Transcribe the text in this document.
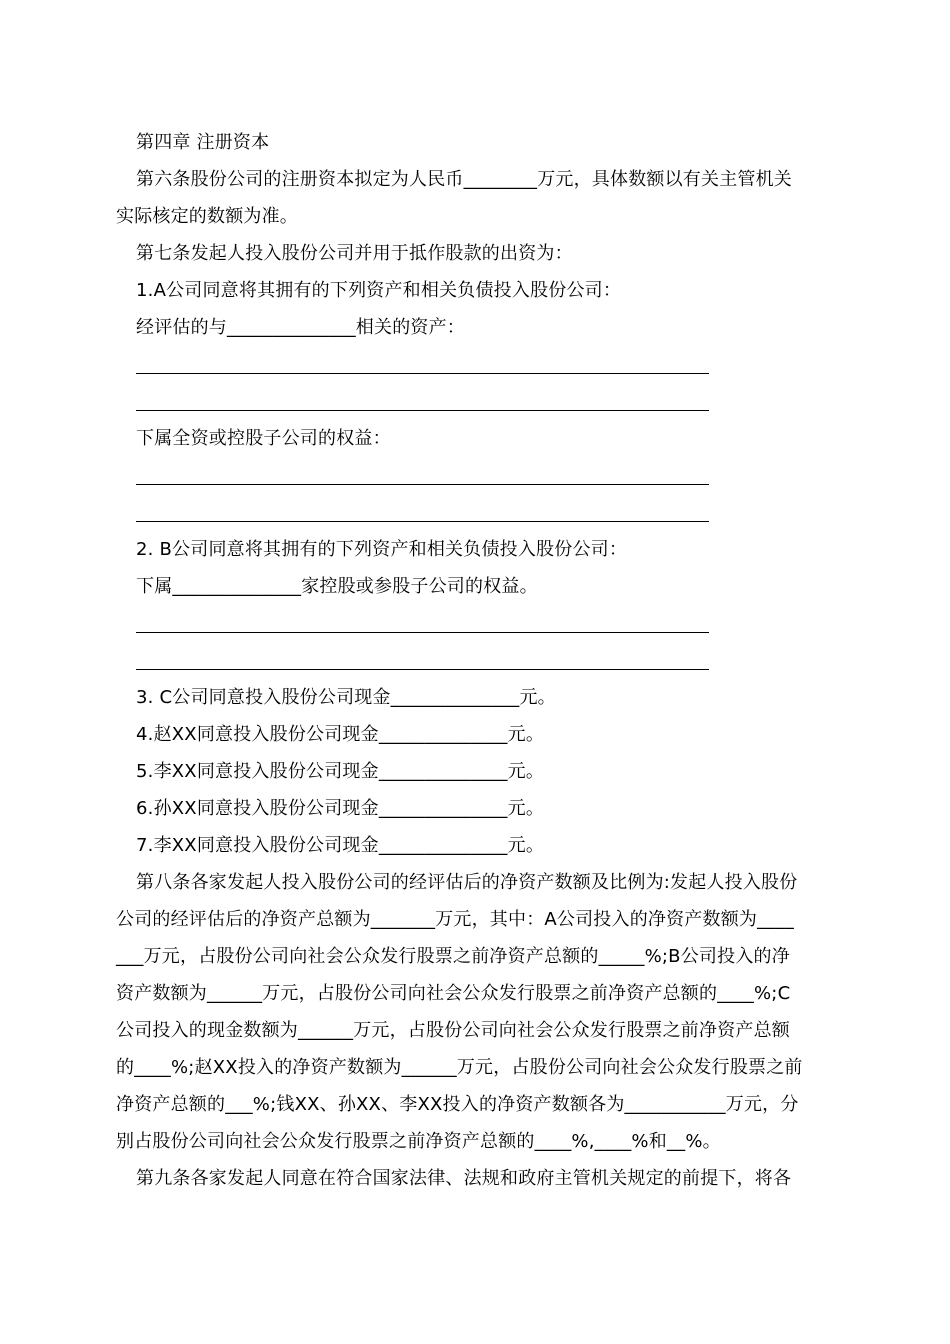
第四章 注册资本
第六条股份公司的注册资本拟定为人民币________万元，具体数额以有关主管机关
实际核定的数额为准。
第七条发起人投入股份公司并用于抵作股款的出资为：
1.A公司同意将其拥有的下列资产和相关负债投入股份公司：
经评估的与______________相关的资产：
下属全资或控股子公司的权益：
2. B公司同意将其拥有的下列资产和相关负债投入股份公司：
下属______________家控股或参股子公司的权益。
3. C公司同意投入股份公司现金______________元。
4.赵XX同意投入股份公司现金______________元。
5.李XX同意投入股份公司现金______________元。
6.孙XX同意投入股份公司现金______________元。
7.李XX同意投入股份公司现金______________元。
第八条各家发起人投入股份公司的经评估后的净资产数额及比例为:发起人投入股份
公司的经评估后的净资产总额为_______万元，其中：A公司投入的净资产数额为____
___万元，占股份公司向社会公众发行股票之前净资产总额的_____%;B公司投入的净
资产数额为______万元，占股份公司向社会公众发行股票之前净资产总额的____%;C
公司投入的现金数额为______万元，占股份公司向社会公众发行股票之前净资产总额
的____%;赵XX投入的净资产数额为______万元，占股份公司向社会公众发行股票之前
净资产总额的___%;钱XX、孙XX、李XX投入的净资产数额各为___________万元，分
别占股份公司向社会公众发行股票之前净资产总额的____%,____%和__%。
第九条各家发起人同意在符合国家法律、法规和政府主管机关规定的前提下，将各
